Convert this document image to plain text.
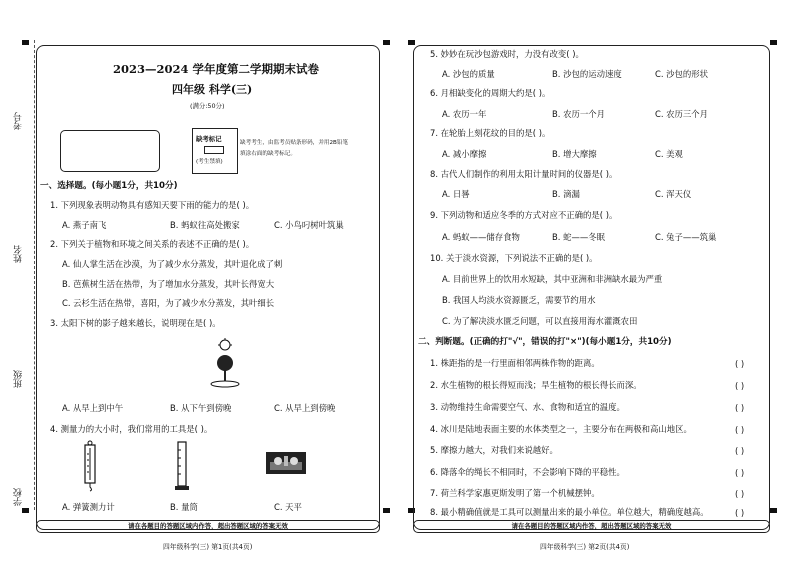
考号
姓名
班级
学校
2023—2024 学年度第二学期期末试卷
四年级 科学(三)
(满分:50分)
缺考标记
(考生禁填)
缺考考生，由监考员贴条形码，并用2B铅笔
填涂右面的缺考标记。
一、选择题。(每小题1分，共10分)
1. 下列现象表明动物具有感知天要下雨的能力的是( )。
A. 燕子南飞	B. 蚂蚁往高处搬家	C. 小鸟叼树叶筑巢
2. 下列关于植物和环境之间关系的表述不正确的是( )。
A. 仙人掌生活在沙漠，为了减少水分蒸发，其叶退化成了刺
B. 芭蕉树生活在热带，为了增加水分蒸发，其叶长得宽大
C. 云杉生活在热带，喜阳，为了减少水分蒸发，其叶细长
3. 太阳下树的影子越来越长，说明现在是( )。
A. 从早上到中午	B. 从下午到傍晚	C. 从早上到傍晚
4. 测量力的大小时，我们常用的工具是( )。
A. 弹簧测力计	B. 量筒	C. 天平
请在各题目的答题区域内作答，超出答题区域的答案无效
四年级科学(三) 第1页(共4页)
5. 妙妙在玩沙包游戏时，力没有改变( )。
A. 沙包的质量	B. 沙包的运动速度	C. 沙包的形状
6. 月相缺变化的周期大约是( )。
A. 农历一年	B. 农历一个月	C. 农历三个月
7. 在轮胎上刻花纹的目的是( )。
A. 减小摩擦	B. 增大摩擦	C. 美观
8. 古代人们制作的利用太阳计量时间的仪器是( )。
A. 日晷	B. 滴漏	C. 浑天仪
9. 下列动物和适应冬季的方式对应不正确的是( )。
A. 蚂蚁——储存食物	B. 蛇——冬眠	C. 兔子——筑巢
10. 关于淡水资源，下列说法不正确的是( )。
A. 目前世界上的饮用水短缺，其中亚洲和非洲缺水最为严重
B. 我国人均淡水资源匮乏，需要节约用水
C. 为了解决淡水匮乏问题，可以直接用海水灌溉农田
二、判断题。(正确的打"√"，错误的打"×")(每小题1分，共10分)
1. 株距指的是一行里面相邻两株作物的距离。	( )
2. 水生植物的根长得短而浅；旱生植物的根长得长而深。	( )
3. 动物维持生命需要空气、水、食物和适宜的温度。	( )
4. 冰川是陆地表面主要的水体类型之一，主要分布在两极和高山地区。	( )
5. 摩擦力越大，对我们来说越好。	( )
6. 降落伞的绳长不相同时，不会影响下降的平稳性。	( )
7. 荷兰科学家惠更斯发明了第一个机械摆钟。	( )
8. 最小精确值就是工具可以测量出来的最小单位。单位越大，精确度越高。	( )
请在各题目的答题区域内作答，超出答题区域的答案无效
四年级科学(三) 第2页(共4页)
